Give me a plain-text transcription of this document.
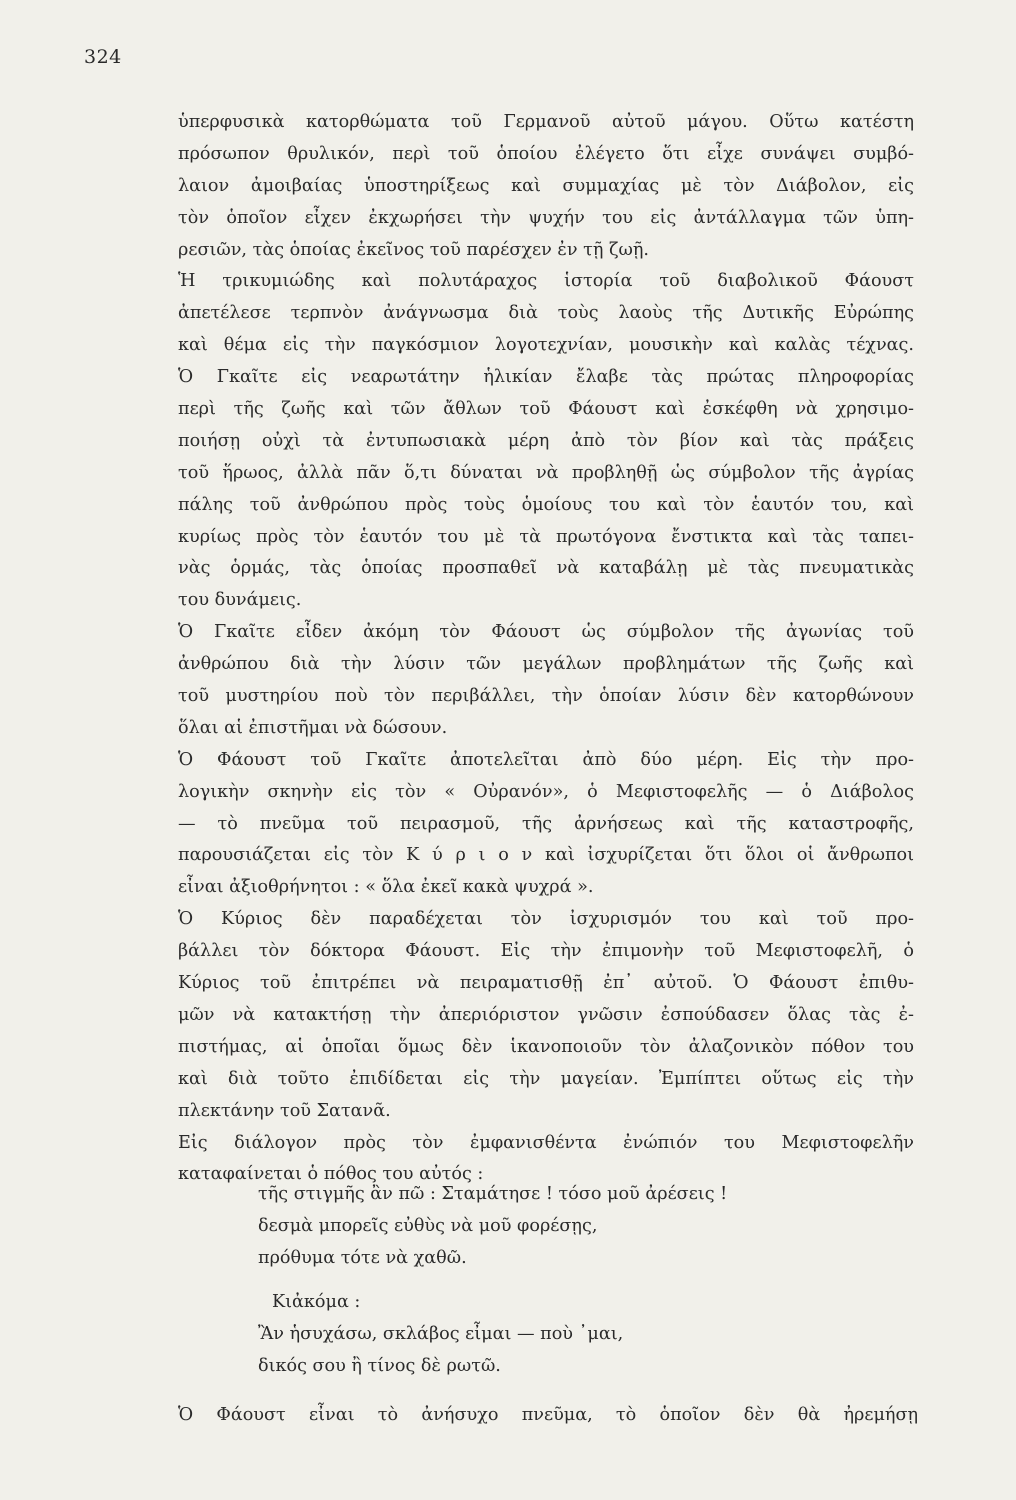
324
ὑπερφυσικὰ κατορθώματα τοῦ Γερμανοῦ αὐτοῦ μάγου. Οὕτω κατέστη
πρόσωπον θρυλικόν, περὶ τοῦ ὁποίου ἐλέγετο ὅτι εἶχε συνάψει συμβό-
λαιον ἀμοιβαίας ὑποστηρίξεως καὶ συμμαχίας μὲ τὸν Διάβολον, εἰς
τὸν ὁποῖον εἶχεν ἐκχωρήσει τὴν ψυχήν του εἰς ἀντάλλαγμα τῶν ὑπη-
ρεσιῶν, τὰς ὁποίας ἐκεῖνος τοῦ παρέσχεν ἐν τῇ ζωῇ.
Ἡ τρικυμιώδης καὶ πολυτάραχος ἱστορία τοῦ διαβολικοῦ Φάουστ
ἀπετέλεσε τερπνὸν ἀνάγνωσμα διὰ τοὺς λαοὺς τῆς Δυτικῆς Εὐρώπης
καὶ θέμα εἰς τὴν παγκόσμιον λογοτεχνίαν, μουσικὴν καὶ καλὰς τέχνας.
Ὁ Γκαῖτε εἰς νεαρωτάτην ἡλικίαν ἔλαβε τὰς πρώτας πληροφορίας
περὶ τῆς ζωῆς καὶ τῶν ἄθλων τοῦ Φάουστ καὶ ἐσκέφθη νὰ χρησιμο-
ποιήσῃ οὐχὶ τὰ ἐντυπωσιακὰ μέρη ἀπὸ τὸν βίον καὶ τὰς πράξεις
τοῦ ἥρωος, ἀλλὰ πᾶν ὅ,τι δύναται νὰ προβληθῇ ὡς σύμβολον τῆς ἀγρίας
πάλης τοῦ ἀνθρώπου πρὸς τοὺς ὁμοίους του καὶ τὸν ἑαυτόν του, καὶ
κυρίως πρὸς τὸν ἑαυτόν του μὲ τὰ πρωτόγονα ἔνστικτα καὶ τὰς ταπει-
νὰς ὁρμάς, τὰς ὁποίας προσπαθεῖ νὰ καταβάλῃ μὲ τὰς πνευματικὰς
του δυνάμεις.
Ὁ Γκαῖτε εἶδεν ἀκόμη τὸν Φάουστ ὡς σύμβολον τῆς ἀγωνίας τοῦ
ἀνθρώπου διὰ τὴν λύσιν τῶν μεγάλων προβλημάτων τῆς ζωῆς καὶ
τοῦ μυστηρίου ποὺ τὸν περιβάλλει, τὴν ὁποίαν λύσιν δὲν κατορθώνουν
ὅλαι αἱ ἐπιστῆμαι νὰ δώσουν.
Ὁ Φάουστ τοῦ Γκαῖτε ἀποτελεῖται ἀπὸ δύο μέρη. Εἰς τὴν προ-
λογικὴν σκηνὴν εἰς τὸν « Οὐρανόν», ὁ Μεφιστοφελῆς — ὁ Διάβολος
— τὸ πνεῦμα τοῦ πειρασμοῦ, τῆς ἀρνήσεως καὶ τῆς καταστροφῆς,
παρουσιάζεται εἰς τὸν Κ ύ ρ ι ο ν καὶ ἰσχυρίζεται ὅτι ὅλοι οἱ ἄνθρωποι
εἶναι ἀξιοθρήνητοι : « ὅλα ἐκεῖ κακὰ ψυχρά ».
Ὁ Κύριος δὲν παραδέχεται τὸν ἰσχυρισμόν του καὶ τοῦ προ-
βάλλει τὸν δόκτορα Φάουστ. Εἰς τὴν ἐπιμονὴν τοῦ Μεφιστοφελῆ, ὁ
Κύριος τοῦ ἐπιτρέπει νὰ πειραματισθῇ ἐπ᾿ αὐτοῦ. Ὁ Φάουστ ἐπιθυ-
μῶν νὰ κατακτήσῃ τὴν ἀπεριόριστον γνῶσιν ἐσπούδασεν ὅλας τὰς ἐ-
πιστήμας, αἱ ὁποῖαι ὅμως δὲν ἱκανοποιοῦν τὸν ἀλαζονικὸν πόθον του
καὶ διὰ τοῦτο ἐπιδίδεται εἰς τὴν μαγείαν. Ἐμπίπτει οὕτως εἰς τὴν
πλεκτάνην τοῦ Σατανᾶ.
Εἰς διάλογον πρὸς τὸν ἐμφανισθέντα ἐνώπιόν του Μεφιστοφελῆν
καταφαίνεται ὁ πόθος του αὐτός :
τῆς στιγμῆς ἂν πῶ : Σταμάτησε ! τόσο μοῦ ἀρέσεις !
δεσμὰ μπορεῖς εὐθὺς νὰ μοῦ φορέσῃς,
πρόθυμα τότε νὰ χαθῶ.
Κιἀκόμα :
Ἂν ἡσυχάσω, σκλάβος εἶμαι — ποὺ ᾿μαι,
δικός σου ἢ τίνος δὲ ρωτῶ.
Ὁ Φάουστ εἶναι τὸ ἀνήσυχο πνεῦμα, τὸ ὁποῖον δὲν θὰ ἠρεμήσῃ
